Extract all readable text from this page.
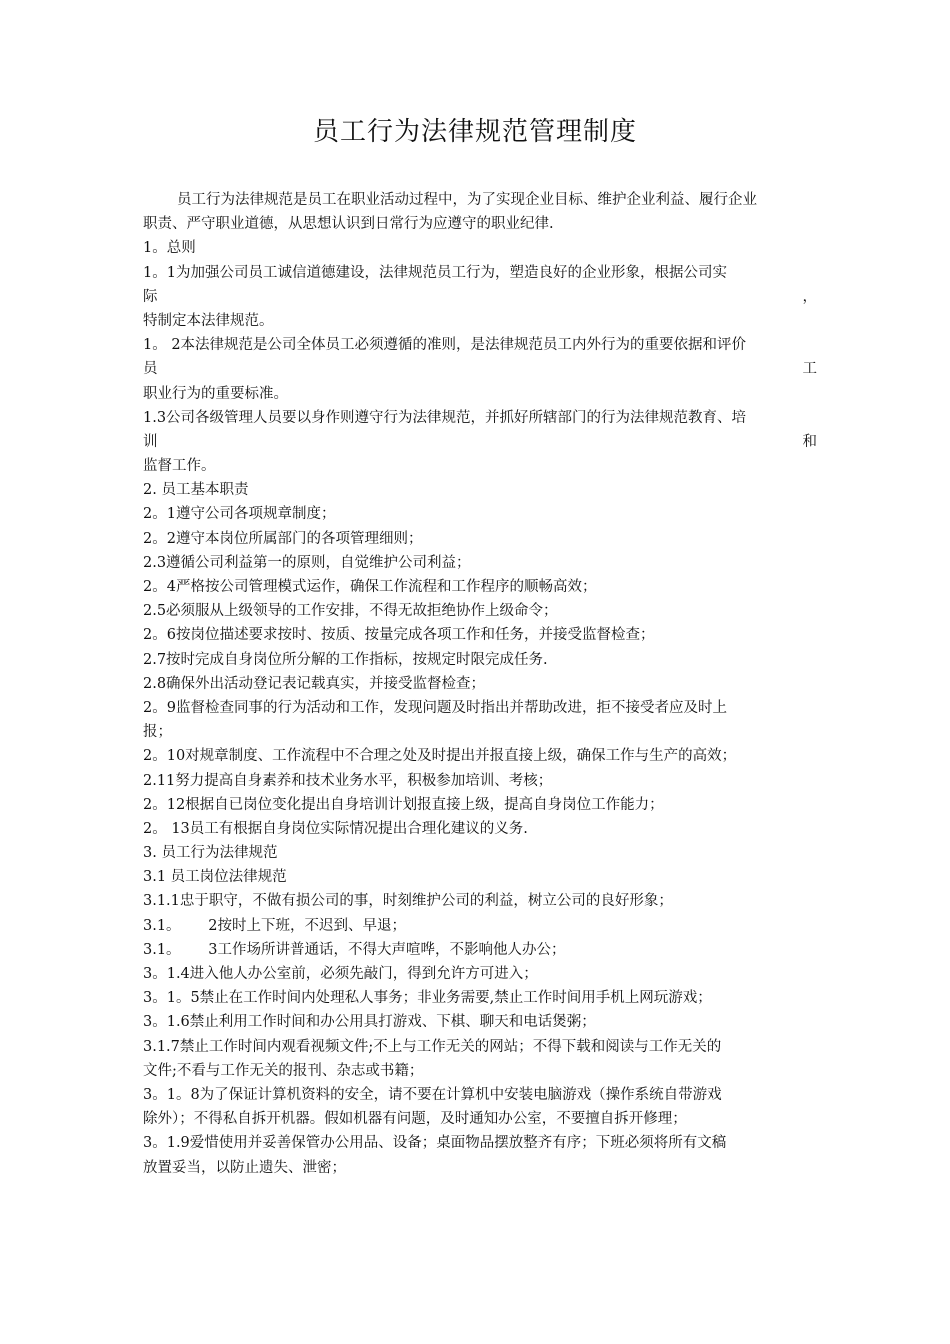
员工行为法律规范管理制度
员工行为法律规范是员工在职业活动过程中，为了实现企业目标、维护企业利益、履行企业
职责、严守职业道德，从思想认识到日常行为应遵守的职业纪律.
1。总则
1。1为加强公司员工诚信道德建设，法律规范员工行为，塑造良好的企业形象，根据公司实
际	，
特制定本法律规范。
1。 2本法律规范是公司全体员工必须遵循的准则，是法律规范员工内外行为的重要依据和评价
员	工
职业行为的重要标准。
1.3公司各级管理人员要以身作则遵守行为法律规范，并抓好所辖部门的行为法律规范教育、培
训	和
监督工作。
2. 员工基本职责
2。1遵守公司各项规章制度；
2。2遵守本岗位所属部门的各项管理细则；
2.3遵循公司利益第一的原则，自觉维护公司利益；
2。4严格按公司管理模式运作，确保工作流程和工作程序的顺畅高效；
2.5必须服从上级领导的工作安排，不得无故拒绝协作上级命令；
2。6按岗位描述要求按时、按质、按量完成各项工作和任务，并接受监督检查；
2.7按时完成自身岗位所分解的工作指标，按规定时限完成任务.
2.8确保外出活动登记表记载真实，并接受监督检查；
2。9监督检查同事的行为活动和工作，发现问题及时指出并帮助改进，拒不接受者应及时上
报；
2。10对规章制度、工作流程中不合理之处及时提出并报直接上级，确保工作与生产的高效；
2.11努力提高自身素养和技术业务水平，积极参加培训、考核；
2。12根据自已岗位变化提出自身培训计划报直接上级，提高自身岗位工作能力；
2。 13员工有根据自身岗位实际情况提出合理化建议的义务.
3. 员工行为法律规范
3.1 员工岗位法律规范
3.1.1忠于职守，不做有损公司的事，时刻维护公司的利益，树立公司的良好形象；
3.1。      2按时上下班，不迟到、早退；
3.1。      3工作场所讲普通话，不得大声喧哗，不影响他人办公；
3。1.4进入他人办公室前，必须先敲门，得到允许方可进入；
3。1。5禁止在工作时间内处理私人事务；非业务需要,禁止工作时间用手机上网玩游戏；
3。1.6禁止利用工作时间和办公用具打游戏、下棋、聊天和电话煲粥；
3.1.7禁止工作时间内观看视频文件;不上与工作无关的网站；不得下载和阅读与工作无关的
文件;不看与工作无关的报刊、杂志或书籍；
3。1。8为了保证计算机资料的安全，请不要在计算机中安装电脑游戏（操作系统自带游戏
除外）；不得私自拆开机器。假如机器有问题，及时通知办公室，不要擅自拆开修理；
3。1.9爱惜使用并妥善保管办公用品、设备；桌面物品摆放整齐有序；下班必须将所有文稿
放置妥当，以防止遗失、泄密；
